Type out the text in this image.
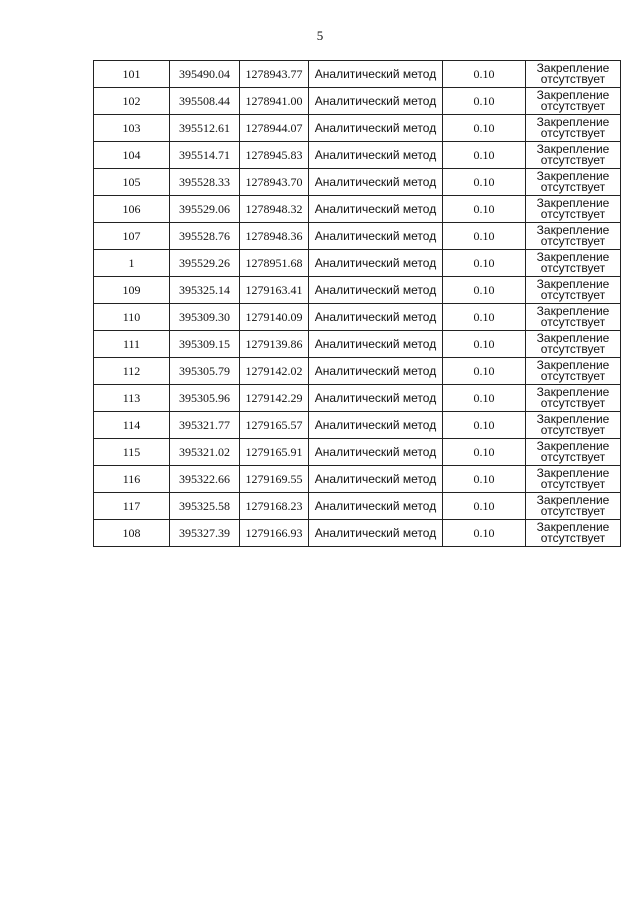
5
101	395490.04	1278943.77	Аналитический метод	0.10	Закрепление
отсутствует

102	395508.44	1278941.00	Аналитический метод	0.10	Закрепление
отсутствует

103	395512.61	1278944.07	Аналитический метод	0.10	Закрепление
отсутствует

104	395514.71	1278945.83	Аналитический метод	0.10	Закрепление
отсутствует

105	395528.33	1278943.70	Аналитический метод	0.10	Закрепление
отсутствует

106	395529.06	1278948.32	Аналитический метод	0.10	Закрепление
отсутствует

107	395528.76	1278948.36	Аналитический метод	0.10	Закрепление
отсутствует

1	395529.26	1278951.68	Аналитический метод	0.10	Закрепление
отсутствует

109	395325.14	1279163.41	Аналитический метод	0.10	Закрепление
отсутствует

110	395309.30	1279140.09	Аналитический метод	0.10	Закрепление
отсутствует

111	395309.15	1279139.86	Аналитический метод	0.10	Закрепление
отсутствует

112	395305.79	1279142.02	Аналитический метод	0.10	Закрепление
отсутствует

113	395305.96	1279142.29	Аналитический метод	0.10	Закрепление
отсутствует

114	395321.77	1279165.57	Аналитический метод	0.10	Закрепление
отсутствует

115	395321.02	1279165.91	Аналитический метод	0.10	Закрепление
отсутствует

116	395322.66	1279169.55	Аналитический метод	0.10	Закрепление
отсутствует

117	395325.58	1279168.23	Аналитический метод	0.10	Закрепление
отсутствует

108	395327.39	1279166.93	Аналитический метод	0.10	Закрепление
отсутствует
